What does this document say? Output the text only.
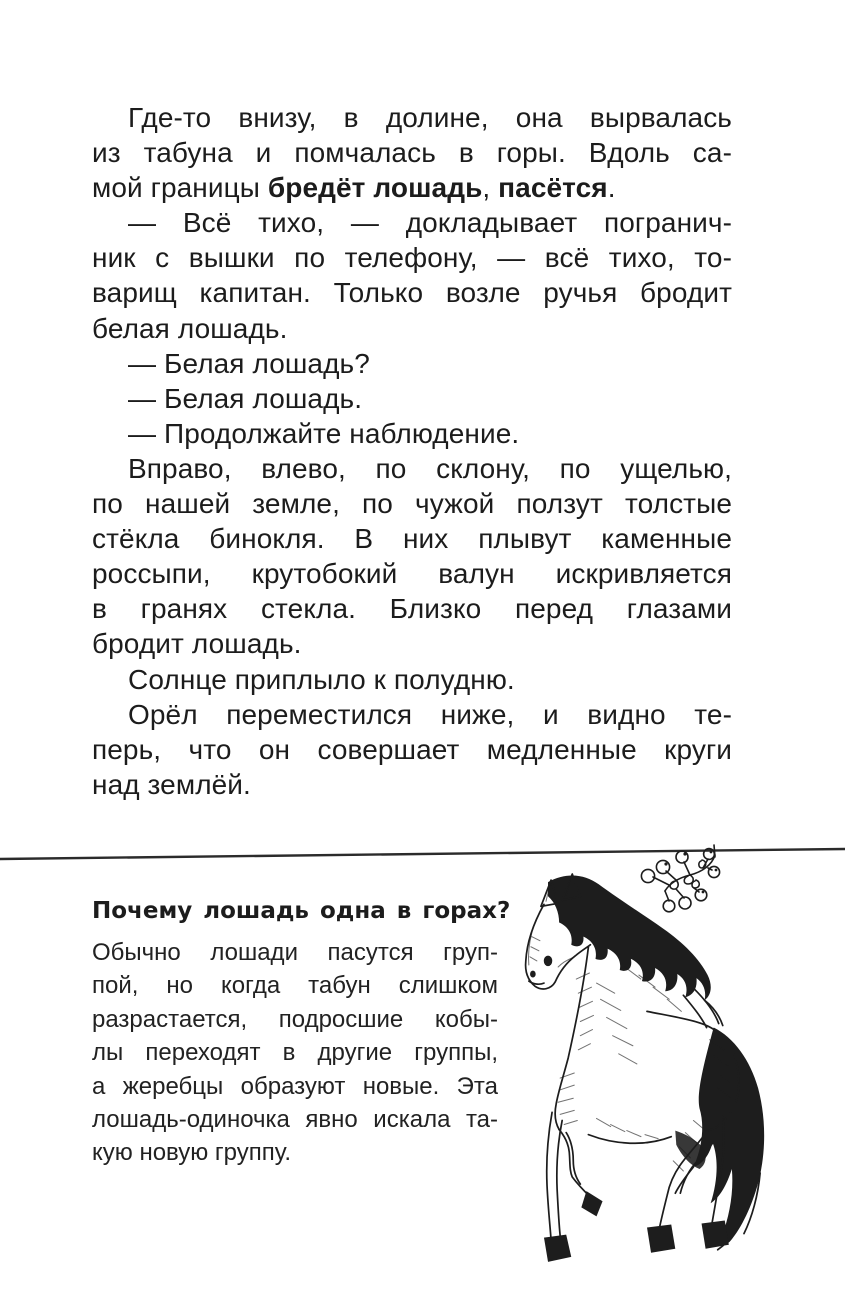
Где-то внизу, в долине, она вырвалась
из табуна и помчалась в горы. Вдоль са-
мой границы бредёт лошадь, пасётся.
— Всё тихо, — докладывает погранич-
ник с вышки по телефону, — всё тихо, то-
варищ капитан. Только возле ручья бродит
белая лошадь.
— Белая лошадь?
— Белая лошадь.
— Продолжайте наблюдение.
Вправо, влево, по склону, по ущелью,
по нашей земле, по чужой ползут толстые
стёкла бинокля. В них плывут каменные
россыпи, крутобокий валун искривляется
в гранях стекла. Близко перед глазами
бродит лошадь.
Солнце приплыло к полудню.
Орёл переместился ниже, и видно те-
перь, что он совершает медленные круги
над землёй.
Почему лошадь одна в горах?
Обычно лошади пасутся груп-
пой, но когда табун слишком
разрастается, подросшие кобы-
лы переходят в другие группы,
а жеребцы образуют новые. Эта
лошадь-одиночка явно искала та-
кую новую группу.
